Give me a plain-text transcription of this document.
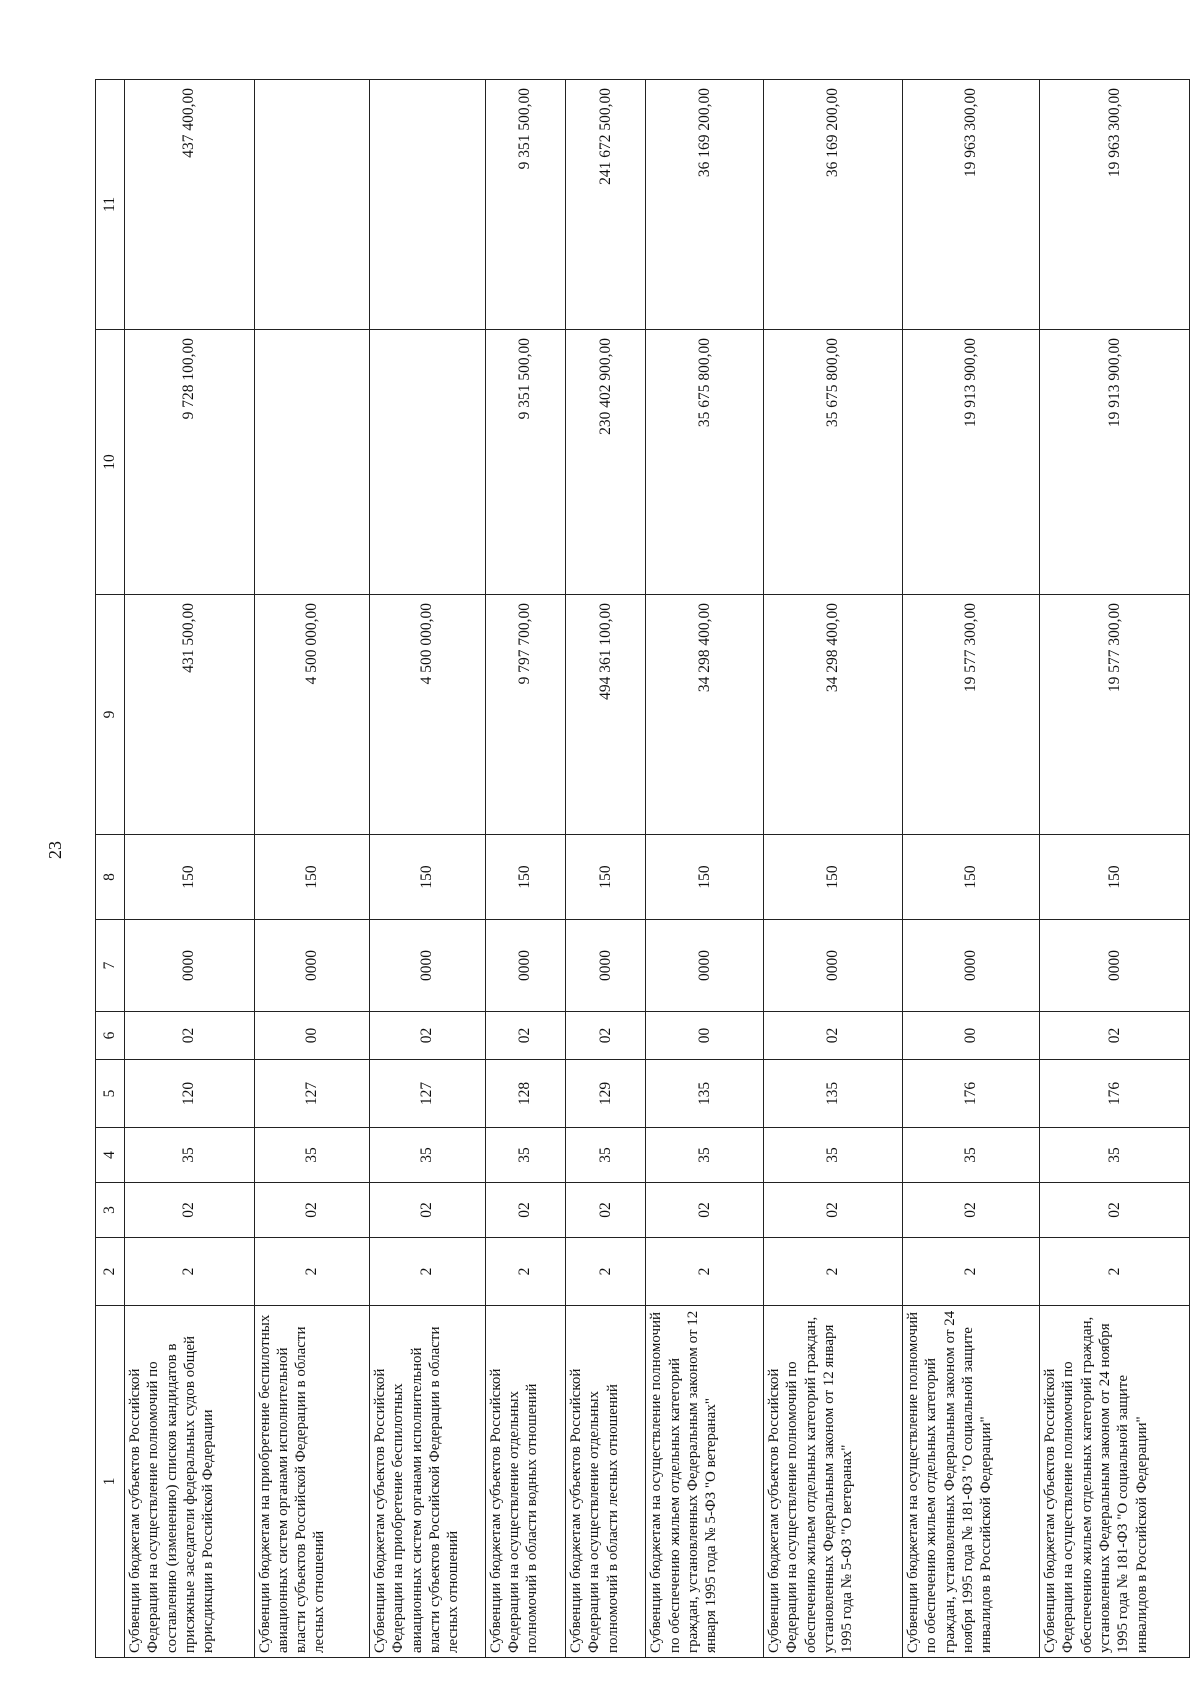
23
1	2	3	4	5	6	7	8	9	10	11
Субвенции бюджетам субъектов Российской Федерации на осуществление полномочий по составлению (изменению) списков кандидатов в присяжные заседатели федеральных судов общей юрисдикции в Российской Федерации	2	02	35	120	02	0000	150	431 500,00	9 728 100,00	437 400,00
Субвенции бюджетам на приобретение беспилотных авиационных систем органами исполнительной власти субъектов Российской Федерации в области лесных отношений	2	02	35	127	00	0000	150	4 500 000,00		
Субвенции бюджетам субъектов Российской Федерации на приобретение беспилотных авиационных систем органами исполнительной власти субъектов Российской Федерации в области лесных отношений	2	02	35	127	02	0000	150	4 500 000,00		
Субвенции бюджетам субъектов Российской Федерации на осуществление отдельных полномочий в области водных отношений	2	02	35	128	02	0000	150	9 797 700,00	9 351 500,00	9 351 500,00
Субвенции бюджетам субъектов Российской Федерации на осуществление отдельных полномочий в области лесных отношений	2	02	35	129	02	0000	150	494 361 100,00	230 402 900,00	241 672 500,00
Субвенции бюджетам на осуществление полномочий по обеспечению жильем отдельных категорий граждан, установленных Федеральным законом от 12 января 1995 года № 5-ФЗ "О ветеранах"	2	02	35	135	00	0000	150	34 298 400,00	35 675 800,00	36 169 200,00
Субвенции бюджетам субъектов Российской Федерации на осуществление полномочий по обеспечению жильем отдельных категорий граждан, установленных Федеральным законом от 12 января 1995 года № 5-ФЗ "О ветеранах"	2	02	35	135	02	0000	150	34 298 400,00	35 675 800,00	36 169 200,00
Субвенции бюджетам на осуществление полномочий по обеспечению жильем отдельных категорий граждан, установленных Федеральным законом от 24 ноября 1995 года № 181-ФЗ "О социальной защите инвалидов в Российской Федерации"	2	02	35	176	00	0000	150	19 577 300,00	19 913 900,00	19 963 300,00
Субвенции бюджетам субъектов Российской Федерации на осуществление полномочий по обеспечению жильем отдельных категорий граждан, установленных Федеральным законом от 24 ноября 1995 года № 181-ФЗ "О социальной защите инвалидов в Российской Федерации"	2	02	35	176	02	0000	150	19 577 300,00	19 913 900,00	19 963 300,00
